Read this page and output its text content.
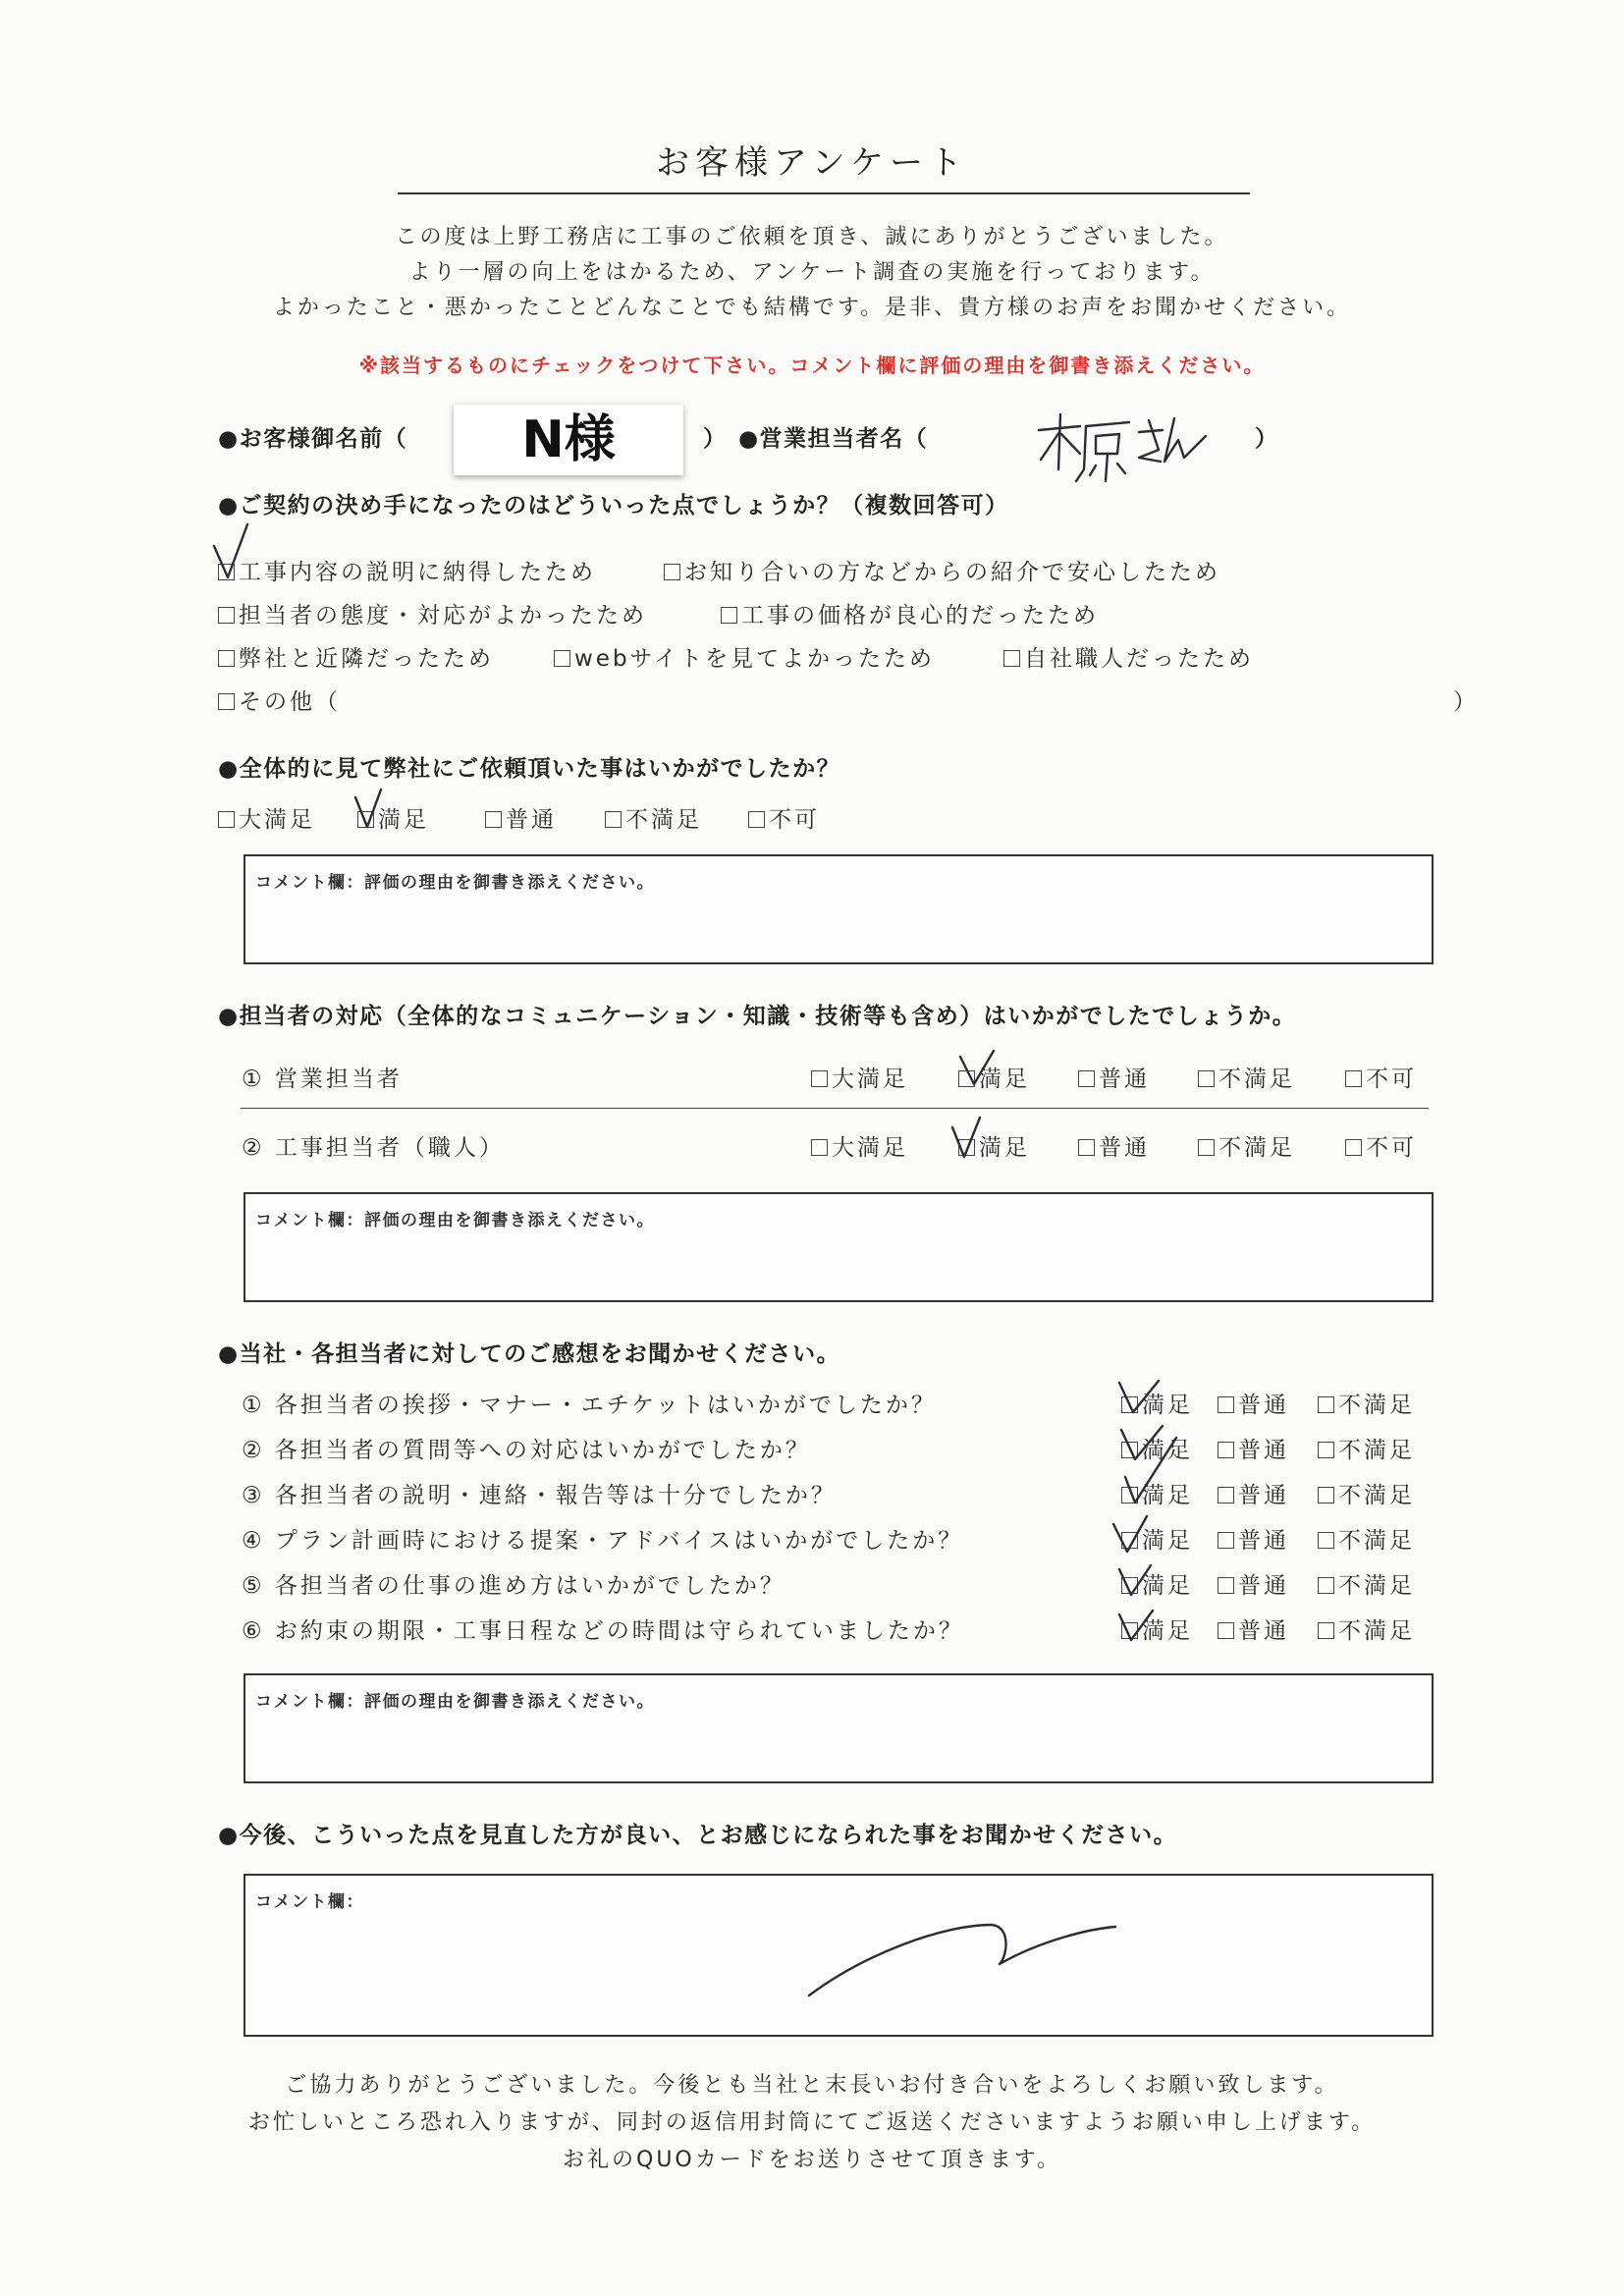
お客様アンケート
この度は上野工務店に工事のご依頼を頂き、誠にありがとうございました。
より一層の向上をはかるため、アンケート調査の実施を行っております。
よかったこと・悪かったことどんなことでも結構です。是非、貴方様のお声をお聞かせください。
※該当するものにチェックをつけて下さい。コメント欄に評価の理由を御書き添えください。
●お客様御名前（	N様	） ●営業担当者名（	）
●ご契約の決め手になったのはどういった点でしょうか？（複数回答可）
工事内容の説明に納得したため	お知り合いの方などからの紹介で安心したため
担当者の態度・対応がよかったため	工事の価格が良心的だったため
弊社と近隣だったため	webサイトを見てよかったため	自社職人だったため
その他（	）
●全体的に見て弊社にご依頼頂いた事はいかがでしたか？
大満足	満足	普通	不満足	不可
コメント欄：評価の理由を御書き添えください。
●担当者の対応（全体的なコミュニケーション・知識・技術等も含め）はいかがでしたでしょうか。
① 営業担当者	大満足	満足	普通	不満足	不可
② 工事担当者（職人）	大満足	満足	普通	不満足	不可
コメント欄：評価の理由を御書き添えください。
●当社・各担当者に対してのご感想をお聞かせください。
① 各担当者の挨拶・マナー・エチケットはいかがでしたか？	満足	普通	不満足
② 各担当者の質問等への対応はいかがでしたか？	満足	普通	不満足
③ 各担当者の説明・連絡・報告等は十分でしたか？	満足	普通	不満足
④ プラン計画時における提案・アドバイスはいかがでしたか？	満足	普通	不満足
⑤ 各担当者の仕事の進め方はいかがでしたか？	満足	普通	不満足
⑥ お約束の期限・工事日程などの時間は守られていましたか？	満足	普通	不満足
コメント欄：評価の理由を御書き添えください。
●今後、こういった点を見直した方が良い、とお感じになられた事をお聞かせください。
コメント欄：
ご協力ありがとうございました。今後とも当社と末長いお付き合いをよろしくお願い致します。
お忙しいところ恐れ入りますが、同封の返信用封筒にてご返送くださいますようお願い申し上げます。
お礼のQUOカードをお送りさせて頂きます。
